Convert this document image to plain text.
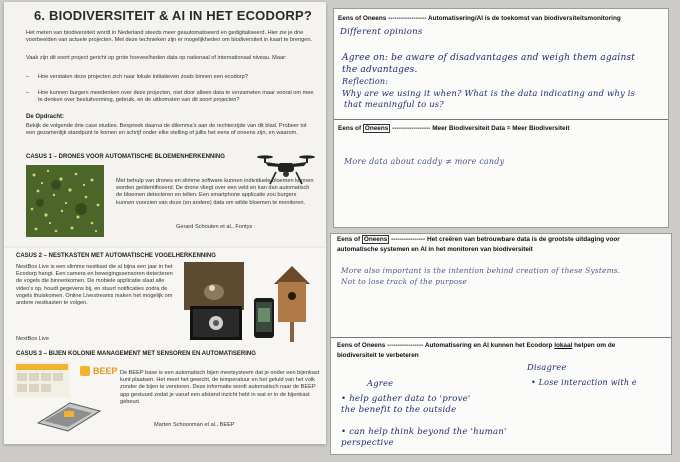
6. BIODIVERSITEIT & AI IN HET ECODORP?
Het meten van biodiversiteit wordt in Nederland steeds meer geautomatiseerd en gedigitaliseerd. Hier zie je drie voorbeelden van actuele projecten. Met deze technieken zijn er mogelijkheden om biodiversiteit in kaart te brengen.
Vaak zijn dit soort project gericht op grote hoeveelheden data op nationaal of internationaal niveau. Maar:
–	Hoe verstalen deze projecten zich naar lokale initiatieven zoals binnen een ecodorp?
–	Hoe kunnen burgers meedenken over deze projecten, niet door alleen data te verzamelen maar vooral om mee te denken over besluitvorming, gebruik, en de uitkomsten van dit soort projecten?
De Opdracht:
Bekijk de volgende drie case studies. Bespreek daarna de dilemma's aan de rechterzijde van dit blad. Probeer tot een gezamenlijk standpunt te komen en schrijf onder elke stelling of jullis het eens of oneens zijn, en waarom.
CASUS 1 – DRONES VOOR AUTOMATISCHE BLOEMENHERKENNING
Met behulp van drones en slimme software kunnen individuele bloemen kunnen worden geïdentificeerd. De drone vliegt over een veld en kan dan automatisch de bloemen detecteren en tellen. Een smartphone applicatie zou burgers kunnen voorzien van deze (en andere) data om wilde bloemen te monitoren.
Gerard Schouten et al., Fontys
CASUS 2 – NESTKASTEN MET AUTOMATISCHE VOGELHERKENNING
NestBox Live is een slimme nestkast die al bijna een jaar in het Ecodorp hangt. Een camera en bewegingssensoren detecteren de vogels die binnenkomen. De mobiele applicatie slaat alle video's op, houdt gegevens bij, en stuurt notificaties zodra de vogels thuiskomen. Online Livestreams maken het mogelijk om andere nestkasten te volgen.
NextBox Live
CASUS 3 – BIJEN KOLONIE MANAGEMENT MET SENSOREN EN AUTOMATISERING
BEEP De BEEP base is een automatisch bijen meetsysteem dat je onder een bijenkast kunt plaatsen. Het meet het gewicht, de temperatuur en het geluid van het volk zonder de bijen te verstoren. Deze informatie wordt automatisch naar de BEEP app gestuurd zodat je vanaf een afstand inzicht hebt in wat er in de bijenkast gebeurt.
Marten Schoonman et al., BEEP
Eens of Oneens ------------------ Automatisering/AI is de toekomst van biodiversiteitsmonitoring
Different opinions
Agree on: be aware of disadvantages and weigh them against
the advantages.
Reflection:
Why are we using it when? What is the data indicating and why is
that meaningful to us?
Eens of Oneens ------------------ Meer Biodiversiteit Data = Meer Biodiversiteit
More data about caddy ≠ more candy
Eens of Oneens ---------------- Het creëren van betrouwbare data is de grootste uitdaging voor
automatische systemen en AI in het monitoren van biodiversiteit
More also important is the intention behind creation of these Systems.
Not to lose track of the purpose
Eens of Oneens ----------------- Automatisering en AI kunnen het Ecodorp lokaal helpen om de
biodiversiteit te verbeteren
Agree
• help gather data to 'prove'
the benefit to the outside
• can help think beyond the 'human'
perspective
Disagree
• Lose interaction with e
